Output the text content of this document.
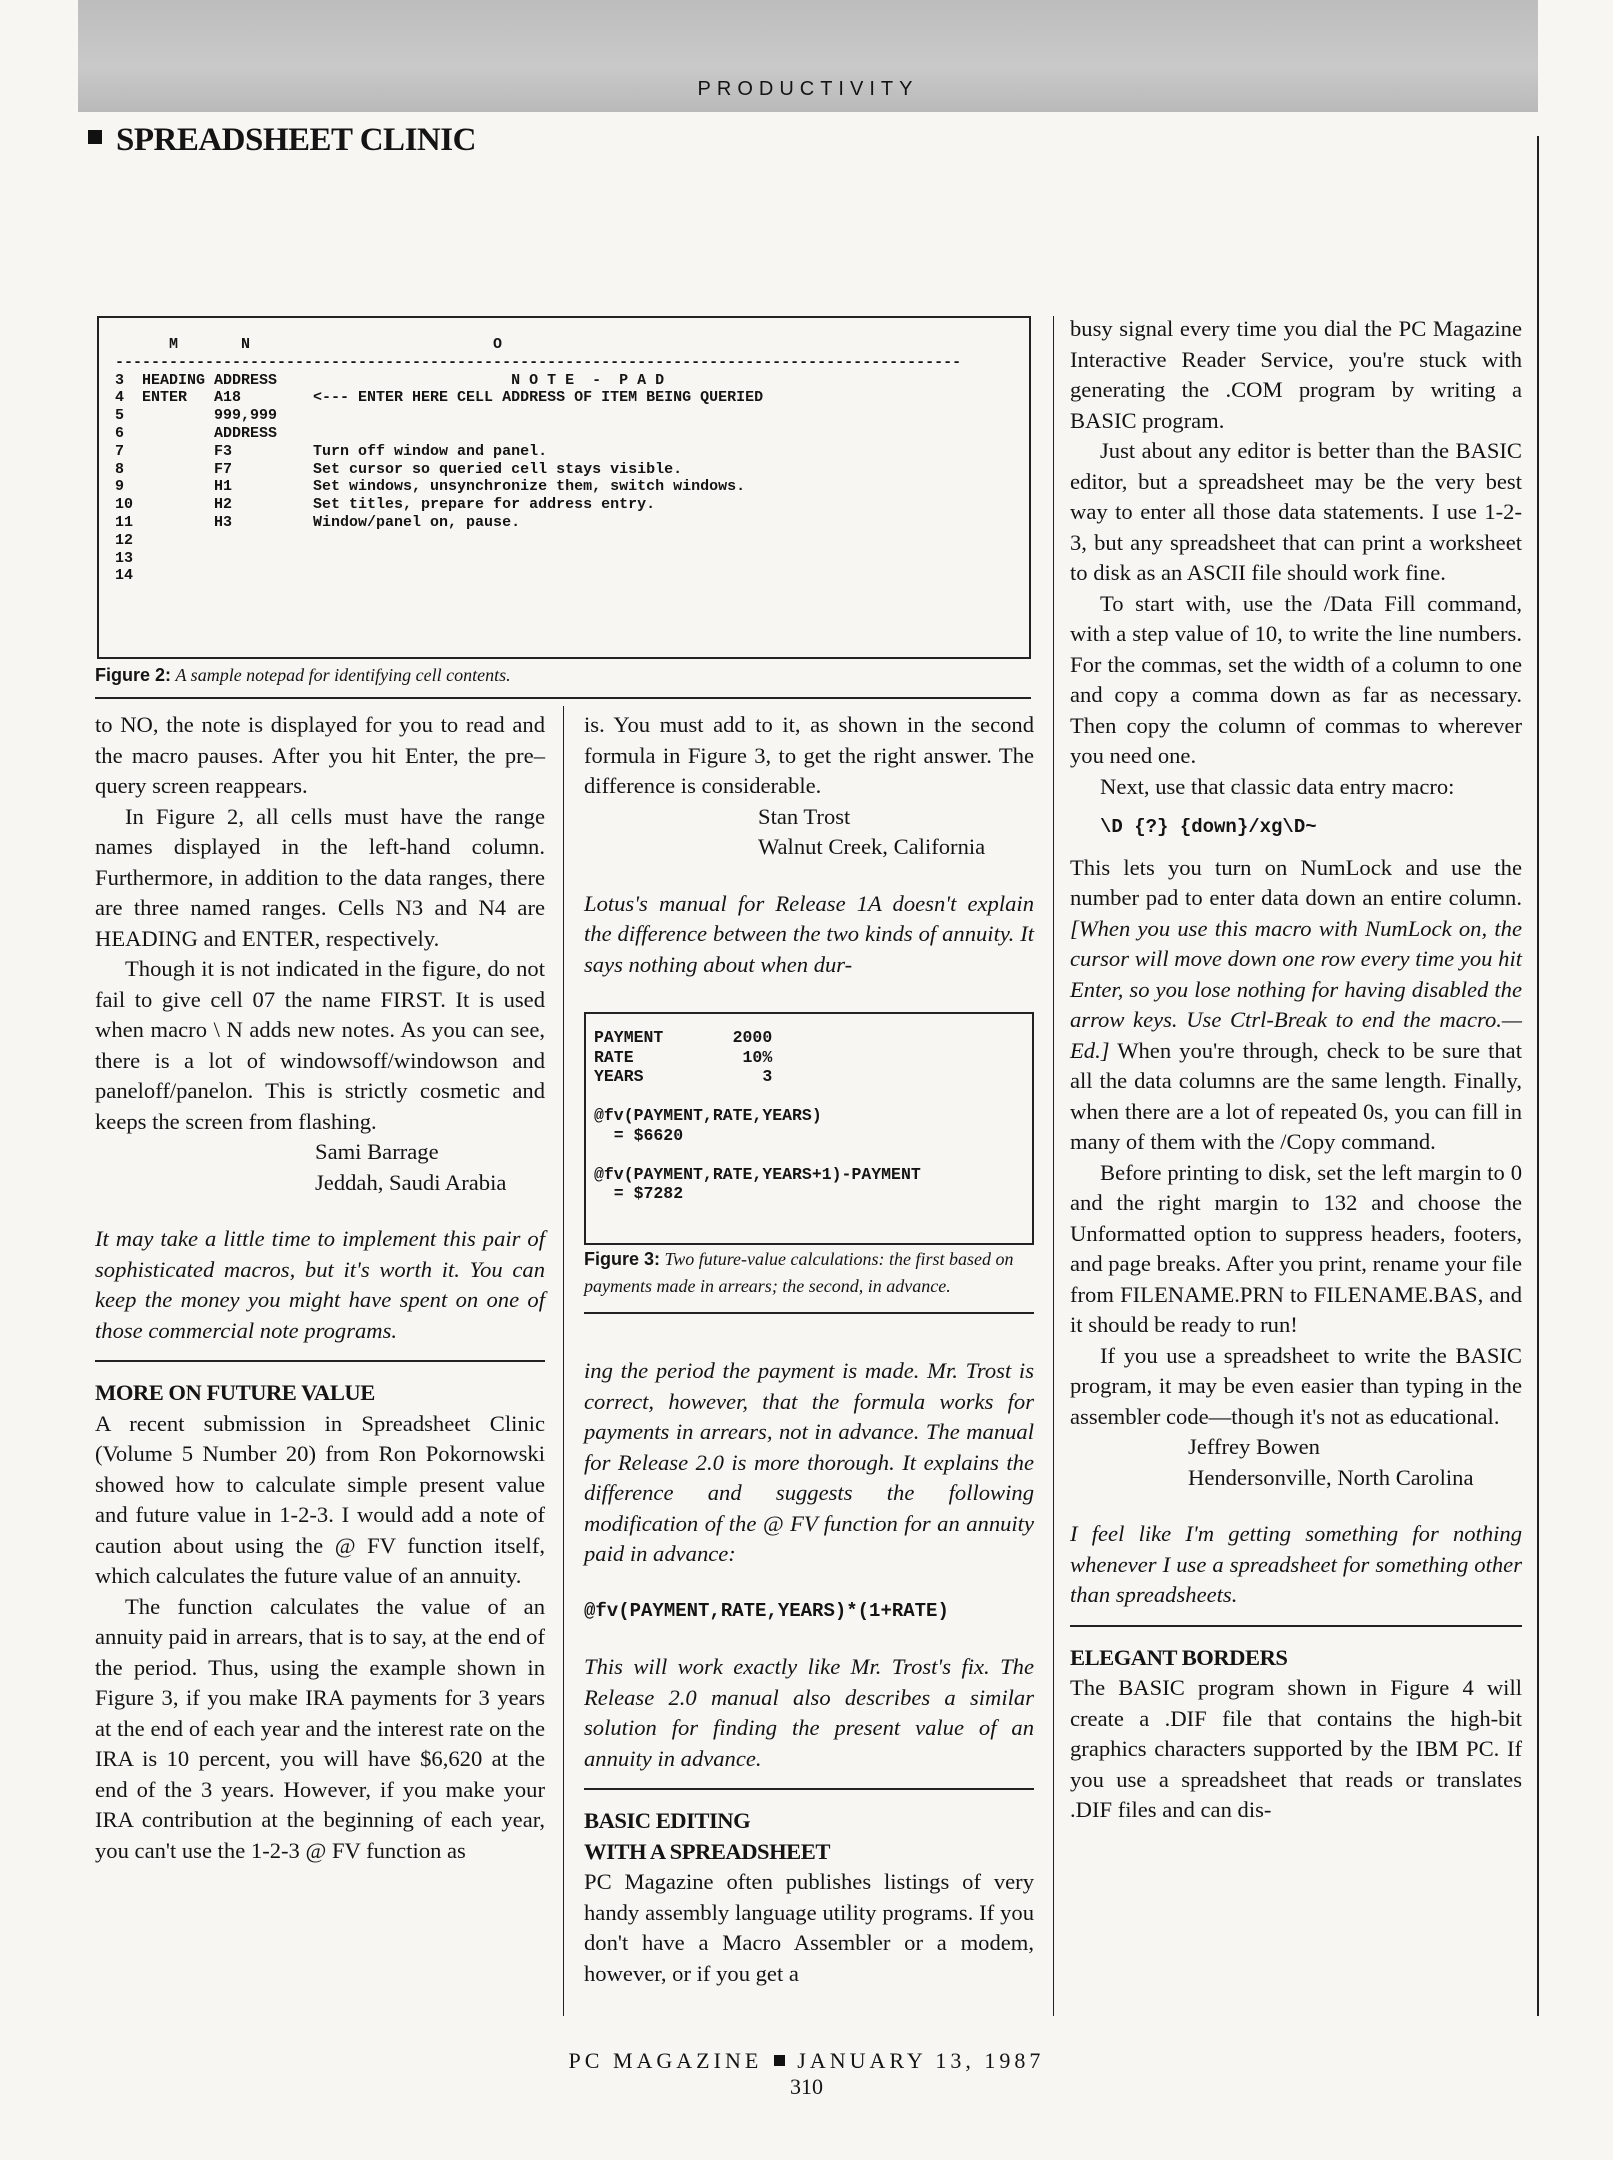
PRODUCTIVITY
SPREADSHEET CLINIC
M       N                           O
----------------------------------------------------------------------------------------------
3  HEADING ADDRESS                          N O T E  -  P A D
4  ENTER   A18        <--- ENTER HERE CELL ADDRESS OF ITEM BEING QUERIED
5          999,999
6          ADDRESS
7          F3         Turn off window and panel.
8          F7         Set cursor so queried cell stays visible.
9          H1         Set windows, unsynchronize them, switch windows.
10         H2         Set titles, prepare for address entry.
11         H3         Window/panel on, pause.
12
13
14
Figure 2: A sample notepad for identifying cell contents.

to NO, the note is displayed for you to read and the macro pauses. After you hit Enter, the pre–query screen reappears.

In Figure 2, all cells must have the range names displayed in the left-hand column. Furthermore, in addition to the data ranges, there are three named ranges. Cells N3 and N4 are HEADING and ENTER, respectively.

Though it is not indicated in the figure, do not fail to give cell 07 the name FIRST. It is used when macro \ N adds new notes. As you can see, there is a lot of windowsoff/windowson and paneloff/panelon. This is strictly cosmetic and keeps the screen from flashing.

Sami Barrage

Jeddah, Saudi Arabia

It may take a little time to implement this pair of sophisticated macros, but it's worth it. You can keep the money you might have spent on one of those commercial note programs.

MORE ON FUTURE VALUE

A recent submission in Spreadsheet Clinic (Volume 5 Number 20) from Ron Pokornowski showed how to calculate simple present value and future value in 1-2-3. I would add a note of caution about using the @ FV function itself, which calculates the future value of an annuity.

The function calculates the value of an annuity paid in arrears, that is to say, at the end of the period. Thus, using the example shown in Figure 3, if you make IRA payments for 3 years at the end of each year and the interest rate on the IRA is 10 percent, you will have $6,620 at the end of the 3 years. However, if you make your IRA contribution at the beginning of each year, you can't use the 1-2-3 @ FV function as

is. You must add to it, as shown in the second formula in Figure 3, to get the right answer. The difference is considerable.

Stan Trost

Walnut Creek, California

Lotus's manual for Release 1A doesn't explain the difference between the two kinds of annuity. It says nothing about when dur-

PAYMENT       2000
RATE           10%
YEARS            3

@fv(PAYMENT,RATE,YEARS)
= $6620

@fv(PAYMENT,RATE,YEARS+1)-PAYMENT
= $7282
Figure 3: Two future-value calculations: the first based on payments made in arrears; the second, in advance.

ing the period the payment is made. Mr. Trost is correct, however, that the formula works for payments in arrears, not in advance. The manual for Release 2.0 is more thorough. It explains the difference and suggests the following modification of the @ FV function for an annuity paid in advance:

@fv(PAYMENT,RATE,YEARS)*(1+RATE)

This will work exactly like Mr. Trost's fix. The Release 2.0 manual also describes a similar solution for finding the present value of an annuity in advance.

BASIC EDITING
WITH A SPREADSHEET

PC Magazine often publishes listings of very handy assembly language utility programs. If you don't have a Macro Assembler or a modem, however, or if you get a

busy signal every time you dial the PC Magazine Interactive Reader Service, you're stuck with generating the .COM program by writing a BASIC program.

Just about any editor is better than the BASIC editor, but a spreadsheet may be the very best way to enter all those data statements. I use 1-2-3, but any spreadsheet that can print a worksheet to disk as an ASCII file should work fine.

To start with, use the /Data Fill command, with a step value of 10, to write the line numbers. For the commas, set the width of a column to one and copy a comma down as far as necessary. Then copy the column of commas to wherever you need one.

Next, use that classic data entry macro:

\D {?} {down}/xg\D~

This lets you turn on NumLock and use the number pad to enter data down an entire column. [When you use this macro with NumLock on, the cursor will move down one row every time you hit Enter, so you lose nothing for having disabled the arrow keys. Use Ctrl-Break to end the macro.—Ed.] When you're through, check to be sure that all the data columns are the same length. Finally, when there are a lot of repeated 0s, you can fill in many of them with the /Copy command.

Before printing to disk, set the left margin to 0 and the right margin to 132 and choose the Unformatted option to suppress headers, footers, and page breaks. After you print, rename your file from FILENAME.PRN to FILENAME.BAS, and it should be ready to run!

If you use a spreadsheet to write the BASIC program, it may be even easier than typing in the assembler code—though it's not as educational.

Jeffrey Bowen

Hendersonville, North Carolina

I feel like I'm getting something for nothing whenever I use a spreadsheet for something other than spreadsheets.

ELEGANT BORDERS

The BASIC program shown in Figure 4 will create a .DIF file that contains the high-bit graphics characters supported by the IBM PC. If you use a spreadsheet that reads or translates .DIF files and can dis-

PC MAGAZINE JANUARY 13, 1987
310
